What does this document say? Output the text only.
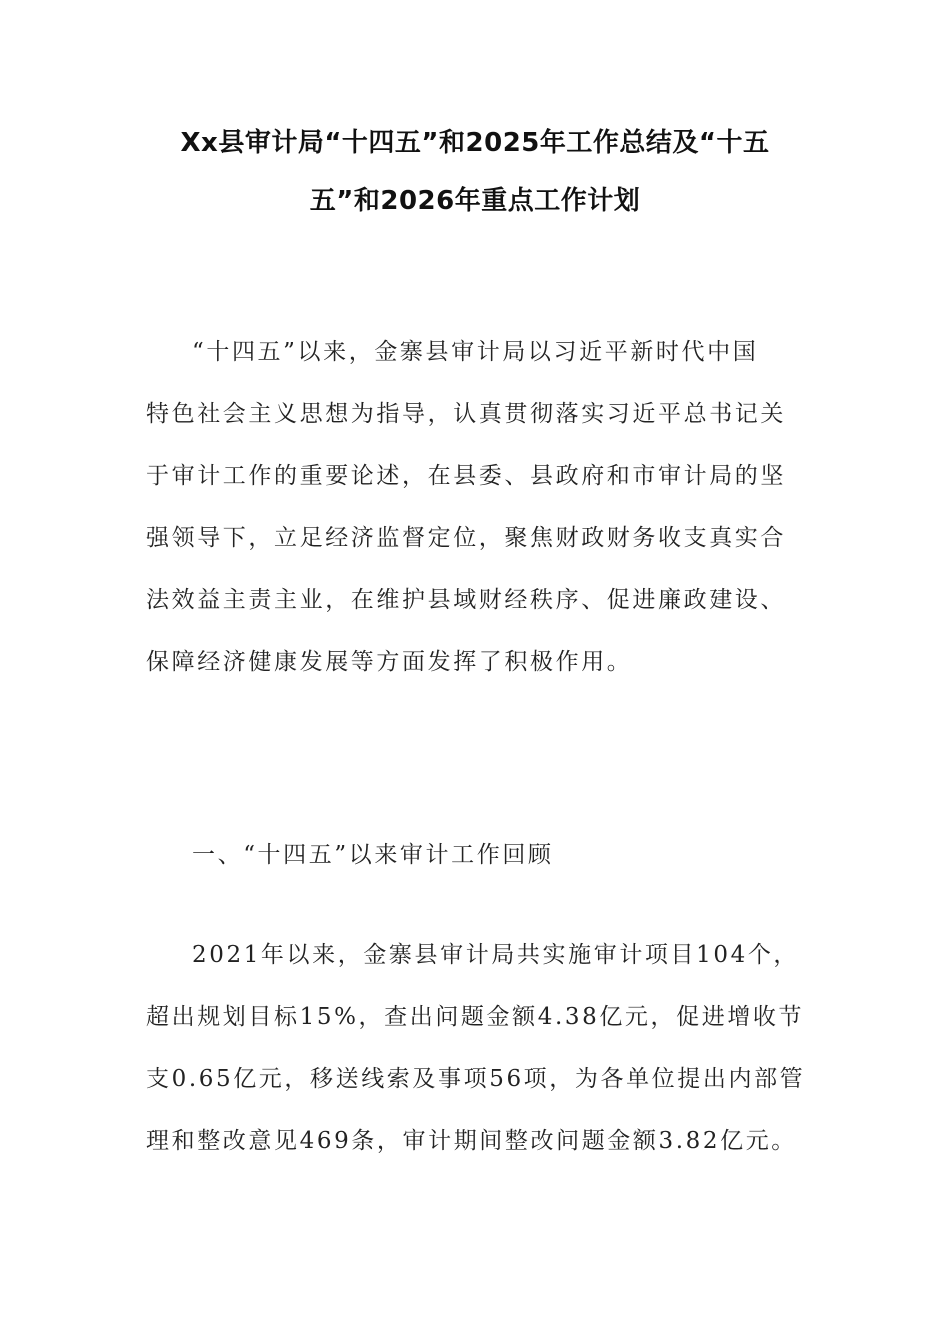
Xx县审计局“十四五”和2025年工作总结及“十五
五”和2026年重点工作计划

“十四五”以来，金寨县审计局以习近平新时代中国
特色社会主义思想为指导，认真贯彻落实习近平总书记关
于审计工作的重要论述，在县委、县政府和市审计局的坚
强领导下，立足经济监督定位，聚焦财政财务收支真实合
法效益主责主业，在维护县域财经秩序、促进廉政建设、
保障经济健康发展等方面发挥了积极作用。

一、“十四五”以来审计工作回顾

2021年以来，金寨县审计局共实施审计项目104个，
超出规划目标15%，查出问题金额4.38亿元，促进增收节
支0.65亿元，移送线索及事项56项，为各单位提出内部管
理和整改意见469条，审计期间整改问题金额3.82亿元。
